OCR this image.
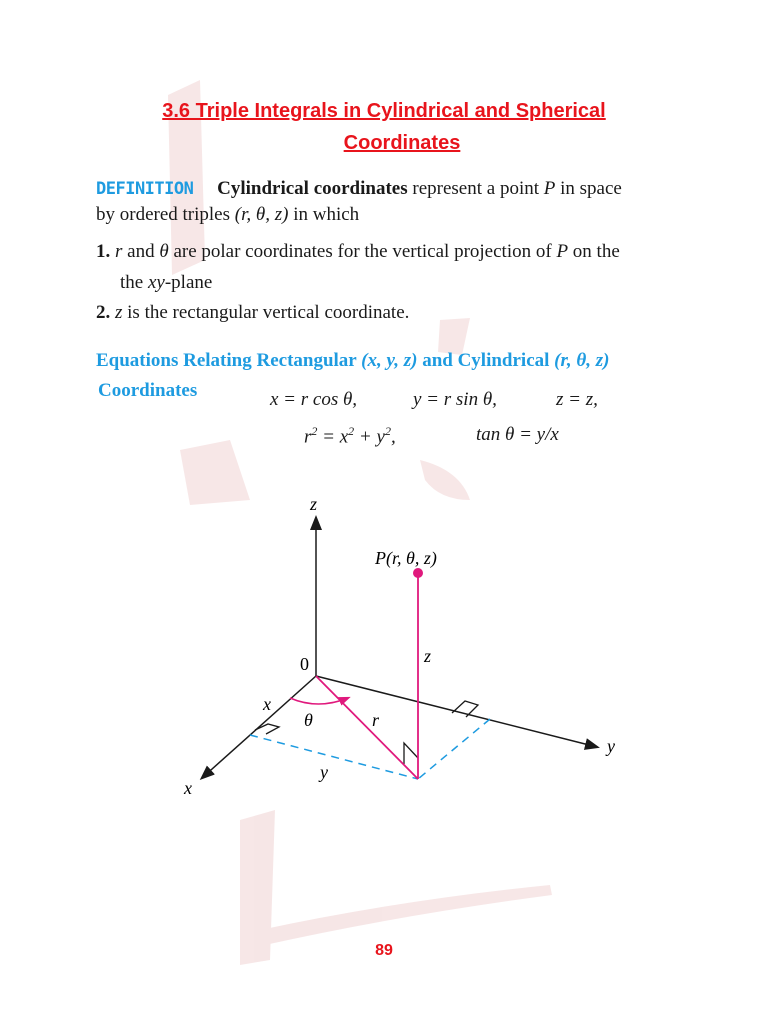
3.6 Triple Integrals in Cylindrical and Spherical
Coordinates
DEFINITION Cylindrical coordinates represent a point P in space
by ordered triples (r, θ, z) in which
1. r and θ are polar coordinates for the vertical projection of P on the
the xy-plane
2. z is the rectangular vertical coordinate.
Equations Relating Rectangular (x, y, z) and Cylindrical (r, θ, z)
Coordinates	x = r cos θ,	y = r sin θ,	z = z,
$r^2 = x^2 + y^2$,	tan θ = y/x
z
0
P(r, θ, z)
z
x
θ	r
y
y
x
89
